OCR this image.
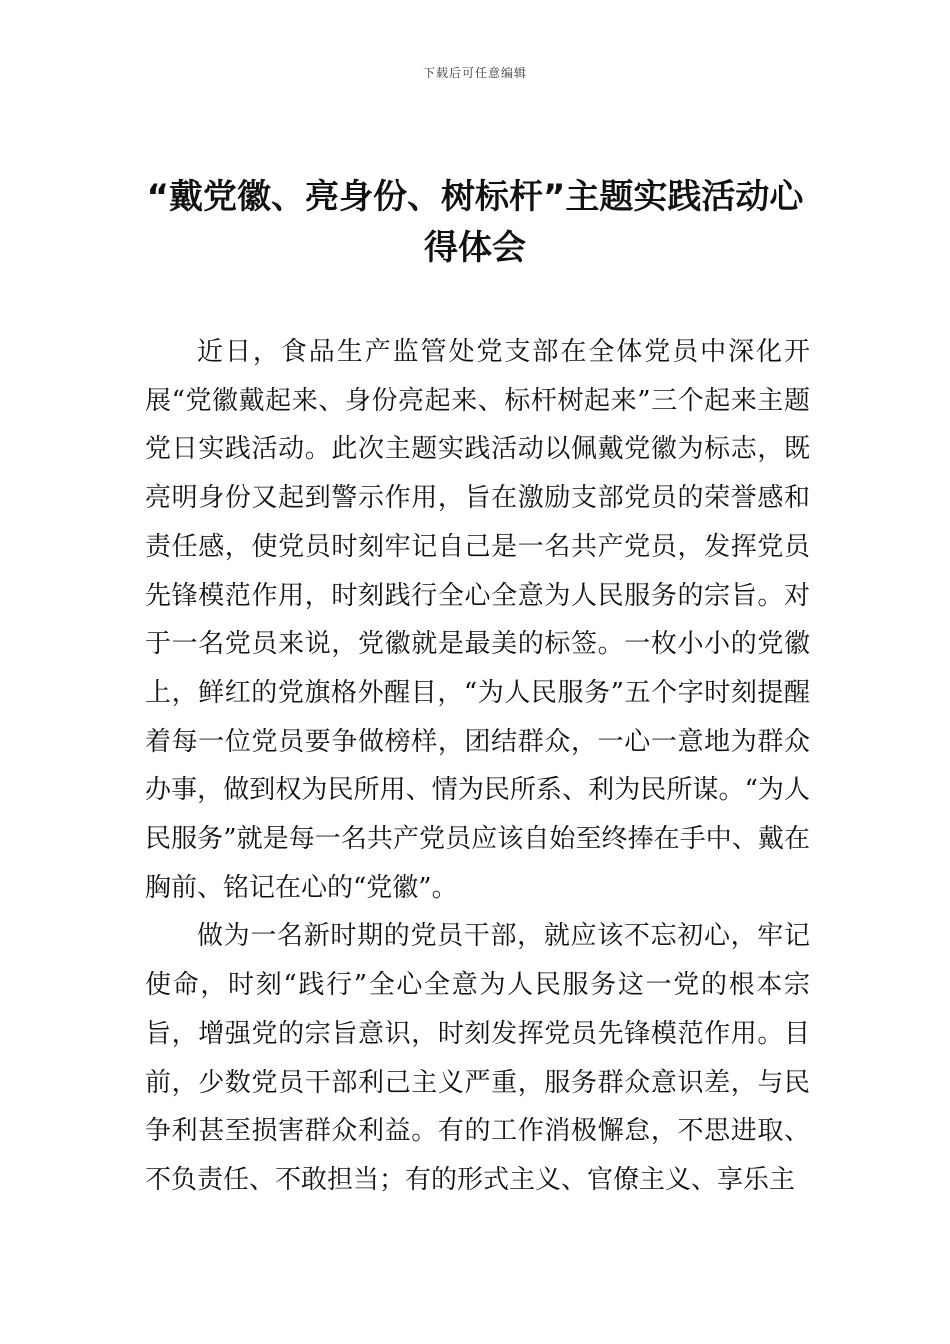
下载后可任意编辑
“戴党徽、亮身份、树标杆”主题实践活动心得体会

近日，食品生产监管处党支部在全体党员中深化开展“党徽戴起来、身份亮起来、标杆树起来”三个起来主题党日实践活动。此次主题实践活动以佩戴党徽为标志，既亮明身份又起到警示作用，旨在激励支部党员的荣誉感和责任感，使党员时刻牢记自己是一名共产党员，发挥党员先锋模范作用，时刻践行全心全意为人民服务的宗旨。对于一名党员来说，党徽就是最美的标签。一枚小小的党徽上，鲜红的党旗格外醒目，“为人民服务”五个字时刻提醒着每一位党员要争做榜样，团结群众，一心一意地为群众办事，做到权为民所用、情为民所系、利为民所谋。“为人民服务”就是每一名共产党员应该自始至终捧在手中、戴在胸前、铭记在心的“党徽”。

做为一名新时期的党员干部，就应该不忘初心，牢记使命，时刻“践行”全心全意为人民服务这一党的根本宗旨，增强党的宗旨意识，时刻发挥党员先锋模范作用。目前，少数党员干部利己主义严重，服务群众意识差，与民争利甚至损害群众利益。有的工作消极懈怠，不思进取、不负责任、不敢担当；有的形式主义、官僚主义、享乐主
